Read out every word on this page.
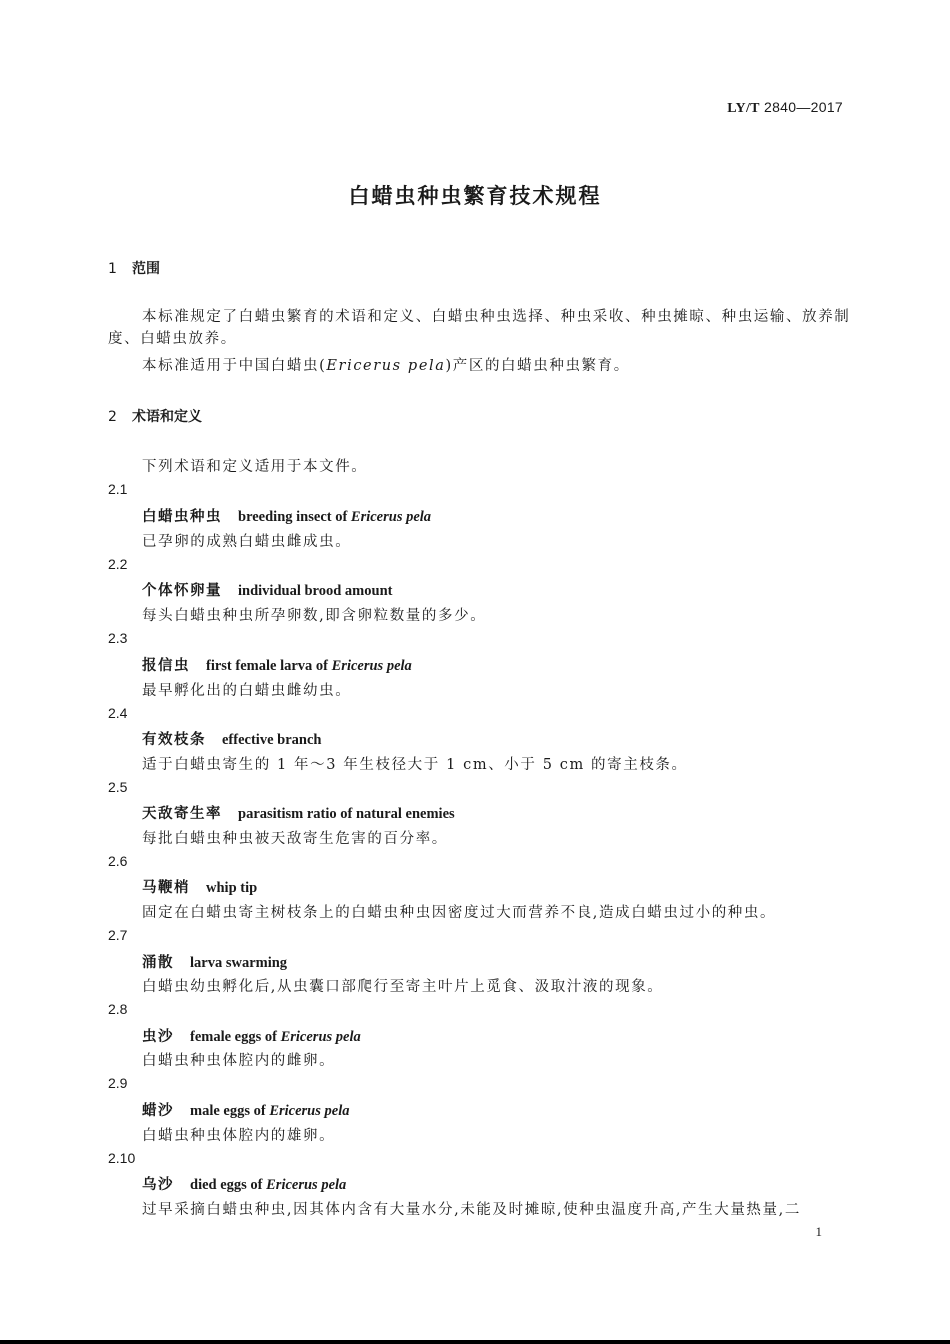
LY/T 2840—2017
白蜡虫种虫繁育技术规程
1 范围
本标准规定了白蜡虫繁育的术语和定义、白蜡虫种虫选择、种虫采收、种虫摊晾、种虫运输、放养制
度、白蜡虫放养。
本标准适用于中国白蜡虫(Ericerus pela)产区的白蜡虫种虫繁育。
2 术语和定义
下列术语和定义适用于本文件。
2.1
白蜡虫种虫 breeding insect of Ericerus pela
已孕卵的成熟白蜡虫雌成虫。
2.2
个体怀卵量 individual brood amount
每头白蜡虫种虫所孕卵数,即含卵粒数量的多少。
2.3
报信虫 first female larva of Ericerus pela
最早孵化出的白蜡虫雌幼虫。
2.4
有效枝条 effective branch
适于白蜡虫寄生的 1 年～3 年生枝径大于 1 cm、小于 5 cm 的寄主枝条。
2.5
天敌寄生率 parasitism ratio of natural enemies
每批白蜡虫种虫被天敌寄生危害的百分率。
2.6
马鞭梢 whip tip
固定在白蜡虫寄主树枝条上的白蜡虫种虫因密度过大而营养不良,造成白蜡虫过小的种虫。
2.7
涌散 larva swarming
白蜡虫幼虫孵化后,从虫囊口部爬行至寄主叶片上觅食、汲取汁液的现象。
2.8
虫沙 female eggs of Ericerus pela
白蜡虫种虫体腔内的雌卵。
2.9
蜡沙 male eggs of Ericerus pela
白蜡虫种虫体腔内的雄卵。
2.10
乌沙 died eggs of Ericerus pela
过早采摘白蜡虫种虫,因其体内含有大量水分,未能及时摊晾,使种虫温度升高,产生大量热量,二
1
